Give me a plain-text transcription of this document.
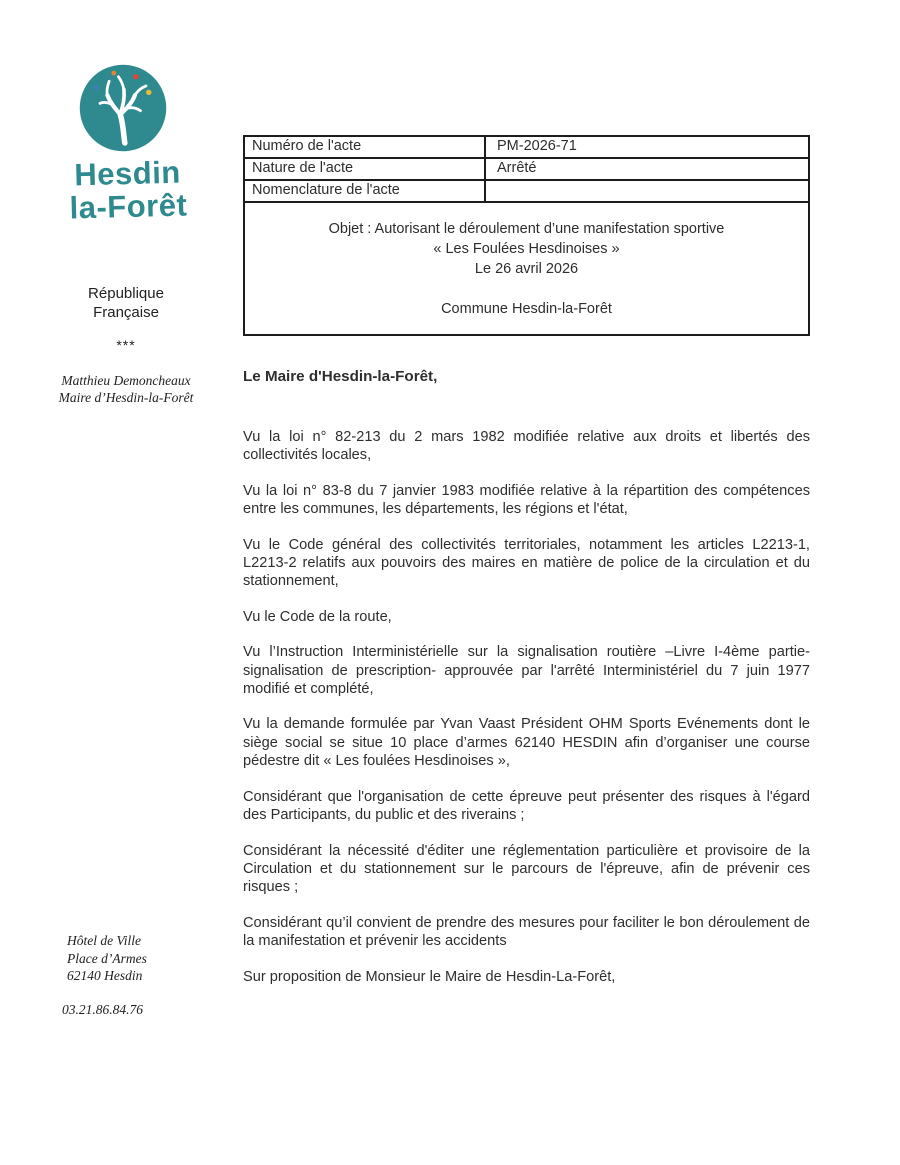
Hesdin
la-Forêt
République
Française
***
Matthieu Demoncheaux
Maire d’Hesdin-la-Forêt
Hôtel de Ville
Place d’Armes
62140 Hesdin
03.21.86.84.76
Numéro de l'acte	PM-2026-71
Nature de l'acte	Arrêté
Nomenclature de l'acte
Objet : Autorisant le déroulement d’une manifestation sportive
« Les Foulées Hesdinoises »
Le 26 avril 2026
Commune Hesdin-la-Forêt
Le Maire d'Hesdin-la-Forêt,

Vu la loi n° 82-213 du 2 mars 1982 modifiée relative aux droits et libertés des collectivités locales,

Vu la loi n° 83-8 du 7 janvier 1983 modifiée relative à la répartition des compétences entre les communes, les départements, les régions et l'état,

Vu le Code général des collectivités territoriales, notamment les articles L2213-1, L2213-2 relatifs aux pouvoirs des maires en matière de police de la circulation et du stationnement,

Vu le Code de la route,

Vu l’Instruction Interministérielle sur la signalisation routière –Livre I-4ème partie-signalisation de prescription- approuvée par l'arrêté Interministériel du 7 juin 1977 modifié et complété,

Vu la demande formulée par Yvan Vaast Président OHM Sports Evénements dont le siège social se situe 10 place d’armes 62140 HESDIN afin d’organiser une course pédestre dit « Les foulées Hesdinoises »,

Considérant que l'organisation de cette épreuve peut présenter des risques à l'égard des Participants, du public et des riverains ;

Considérant la nécessité d'éditer une réglementation particulière et provisoire de la Circulation et du stationnement sur le parcours de l'épreuve, afin de prévenir ces risques ;

Considérant qu’il convient de prendre des mesures pour faciliter le bon déroulement de la manifestation et prévenir les accidents

Sur proposition de Monsieur le Maire de Hesdin-La-Forêt,
